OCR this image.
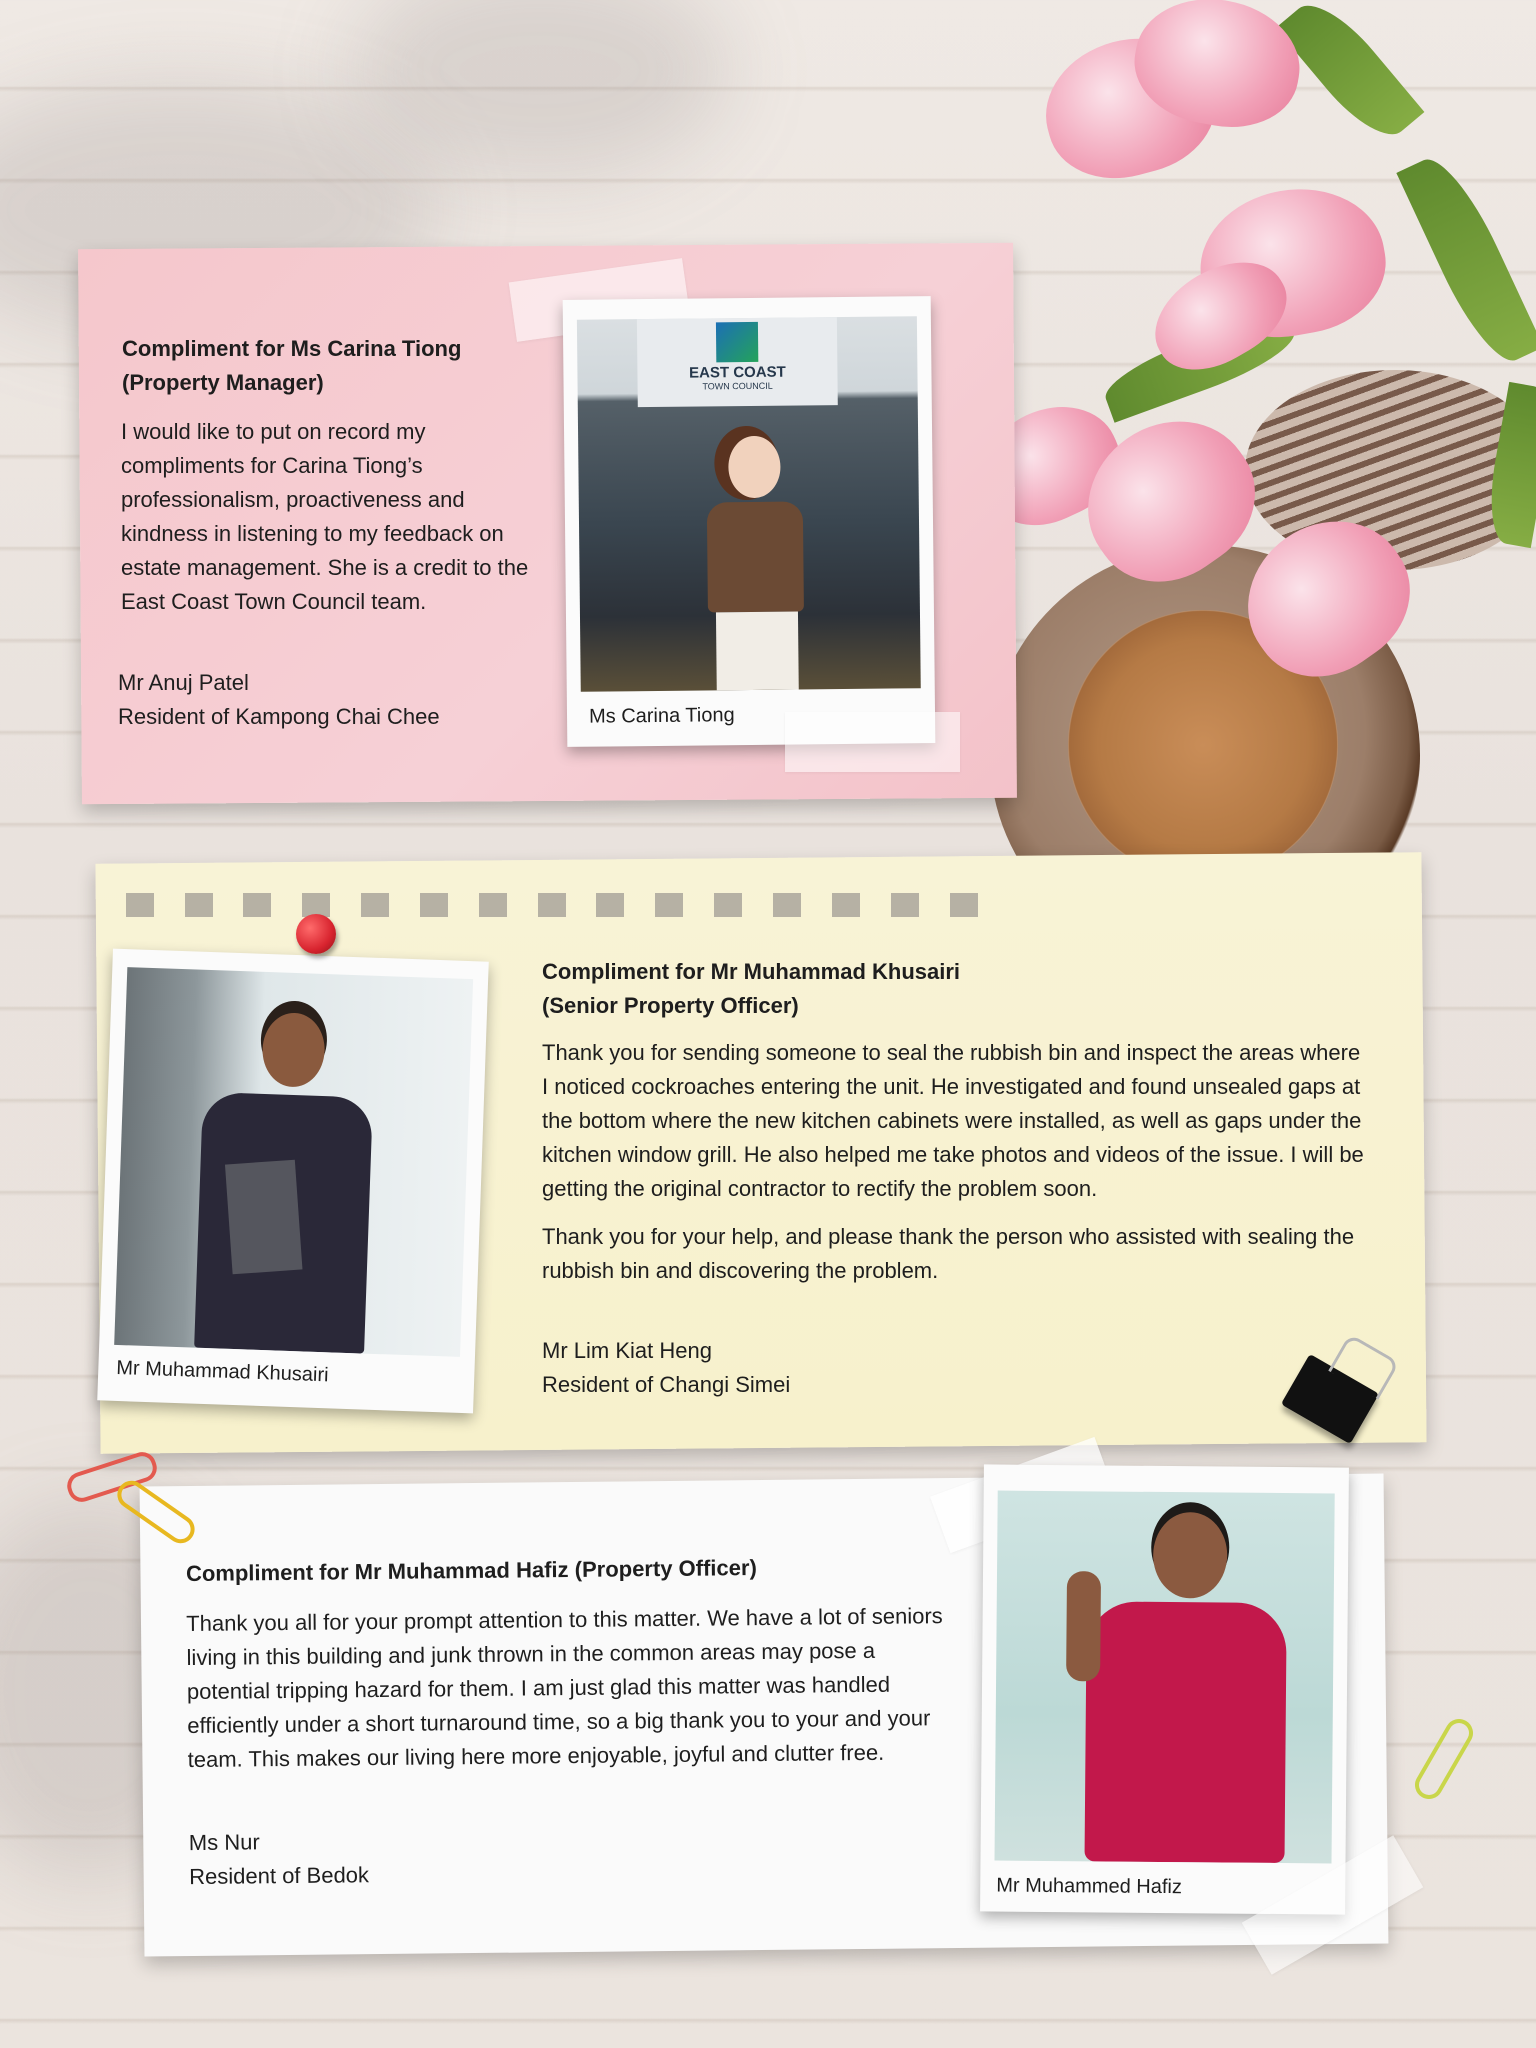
Compliment for Ms Carina Tiong
(Property Manager)

I would like to put on record my compliments for Carina Tiong’s professionalism, proactiveness and kindness in listening to my feedback on estate management. She is a credit to the East Coast Town Council team.

Mr Anuj Patel
Resident of Kampong Chai Chee
EAST COAST
TOWN COUNCIL
Ms Carina Tiong
Mr Muhammad Khusairi
Compliment for Mr Muhammad Khusairi
(Senior Property Officer)

Thank you for sending someone to seal the rubbish bin and inspect the areas where I noticed cockroaches entering the unit. He investigated and found unsealed gaps at the bottom where the new kitchen cabinets were installed, as well as gaps under the kitchen window grill. He also helped me take photos and videos of the issue. I will be getting the original contractor to rectify the problem soon.

Thank you for your help, and please thank the person who assisted with sealing the rubbish bin and discovering the problem.

Mr Lim Kiat Heng
Resident of Changi Simei
Compliment for Mr Muhammad Hafiz (Property Officer)

Thank you all for your prompt attention to this matter. We have a lot of seniors living in this building and junk thrown in the common areas may pose a potential tripping hazard for them. I am just glad this matter was handled efficiently under a short turnaround time, so a big thank you to your and your team. This makes our living here more enjoyable, joyful and clutter free.

Ms Nur
Resident of Bedok	Mr Muhammed Hafiz
